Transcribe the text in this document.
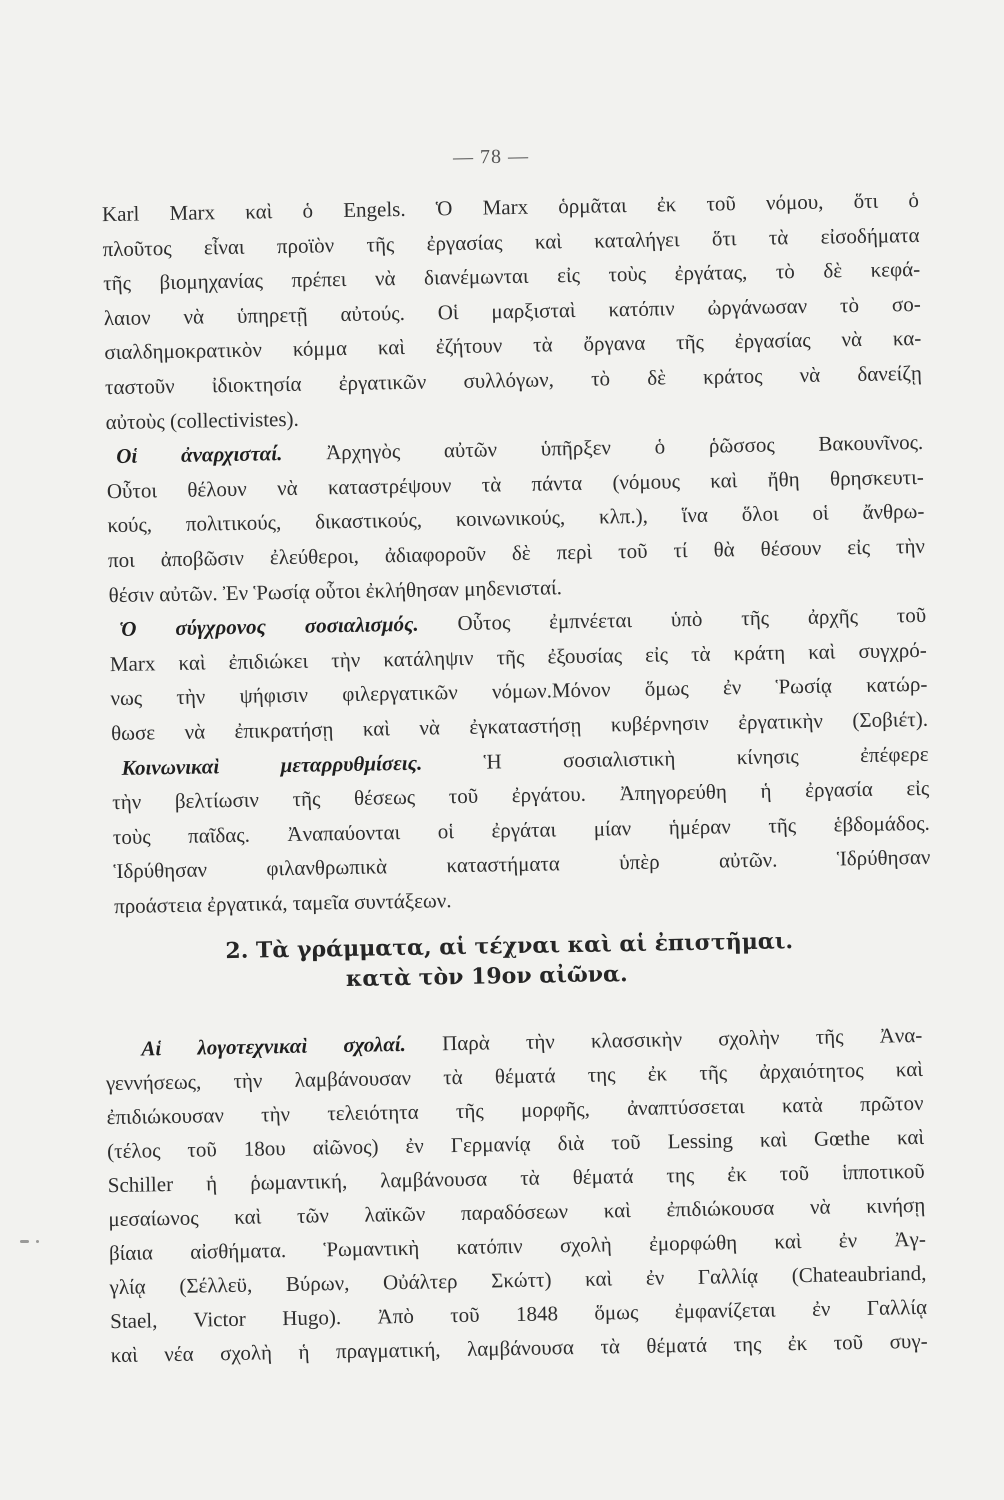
— 78 —
Karl Marx καὶ ὁ Engels. Ὁ Marx ὁρμᾶται ἐκ τοῦ νόμου, ὅτι ὁ
πλοῦτος εἶναι προϊὸν τῆς ἐργασίας καὶ καταλήγει ὅτι τὰ εἰσοδήματα
τῆς βιομηχανίας πρέπει νὰ διανέμωνται εἰς τοὺς ἐργάτας, τὸ δὲ κεφά-
λαιον νὰ ὑπηρετῇ αὐτούς. Οἱ μαρξισταὶ κατόπιν ὠργάνωσαν τὸ σο-
σιαλδημοκρατικὸν κόμμα καὶ ἐζήτουν τὰ ὄργανα τῆς ἐργασίας νὰ κα-
ταστοῦν ἰδιοκτησία ἐργατικῶν συλλόγων, τὸ δὲ κράτος νὰ δανείζῃ
αὐτοὺς (collectivistes).
Οἱ ἀναρχισταί. Ἀρχηγὸς αὐτῶν ὑπῆρξεν ὁ ῥῶσσος Βακουνῖνος.
Οὗτοι θέλουν νὰ καταστρέψουν τὰ πάντα (νόμους καὶ ἤθη θρησκευτι-
κούς, πολιτικούς, δικαστικούς, κοινωνικούς, κλπ.), ἵνα ὅλοι οἱ ἄνθρω-
ποι ἀποβῶσιν ἐλεύθεροι, ἀδιαφοροῦν δὲ περὶ τοῦ τί θὰ θέσουν εἰς τὴν
θέσιν αὐτῶν. Ἐν Ῥωσίᾳ οὗτοι ἐκλήθησαν μηδενισταί.
Ὁ σύγχρονος σοσιαλισμός. Οὗτος ἐμπνέεται ὑπὸ τῆς ἀρχῆς τοῦ
Marx καὶ ἐπιδιώκει τὴν κατάληψιν τῆς ἐξουσίας εἰς τὰ κράτη καὶ συγχρό-
νως τὴν ψήφισιν φιλεργατικῶν νόμων.Μόνον ὅμως ἐν Ῥωσίᾳ κατώρ-
θωσε νὰ ἐπικρατήσῃ καὶ νὰ ἐγκαταστήσῃ κυβέρνησιν ἐργατικὴν (Σοβιέτ).
Κοινωνικαὶ μεταρρυθμίσεις.	Ἡ σοσιαλιστικὴ κίνησις ἐπέφερε
τὴν βελτίωσιν τῆς θέσεως τοῦ ἐργάτου. Ἀπηγορεύθη ἡ ἐργασία εἰς
τοὺς παῖδας. Ἀναπαύονται οἱ ἐργάται μίαν ἡμέραν τῆς ἑβδομάδος.
Ἱδρύθησαν φιλανθρωπικὰ καταστήματα ὑπὲρ αὐτῶν. Ἱδρύθησαν
προάστεια ἐργατικά, ταμεῖα συντάξεων.
2. Τὰ γράμματα, αἱ τέχναι καὶ αἱ ἐπιστῆμαι.
κατὰ τὸν 19ον αἰῶνα.
Αἱ λογοτεχνικαὶ σχολαί. Παρὰ τὴν κλασσικὴν σχολὴν τῆς Ἀνα-
γεννήσεως, τὴν λαμβάνουσαν τὰ θέματά της ἐκ τῆς ἀρχαιότητος καὶ
ἐπιδιώκουσαν τὴν τελειότητα τῆς μορφῆς, ἀναπτύσσεται κατὰ πρῶτον
(τέλος τοῦ 18ου αἰῶνος) ἐν Γερμανίᾳ διὰ τοῦ Lessing καὶ Gœthe καὶ
Schiller ἡ ῥωμαντική, λαμβάνουσα τὰ θέματά της ἐκ τοῦ ἱπποτικοῦ
μεσαίωνος καὶ τῶν λαϊκῶν παραδόσεων καὶ ἐπιδιώκουσα νὰ κινήσῃ
βίαια αἰσθήματα. Ῥωμαντικὴ κατόπιν σχολὴ ἐμορφώθη καὶ ἐν Ἀγ-
γλίᾳ (Σέλλεϋ, Βύρων, Οὐάλτερ Σκώττ) καὶ ἐν Γαλλίᾳ (Chateaubriand,
Stael, Victor Hugo). Ἀπὸ τοῦ 1848 ὅμως ἐμφανίζεται ἐν Γαλλίᾳ
καὶ νέα σχολὴ ἡ πραγματική, λαμβάνουσα τὰ θέματά της ἐκ τοῦ συγ-
